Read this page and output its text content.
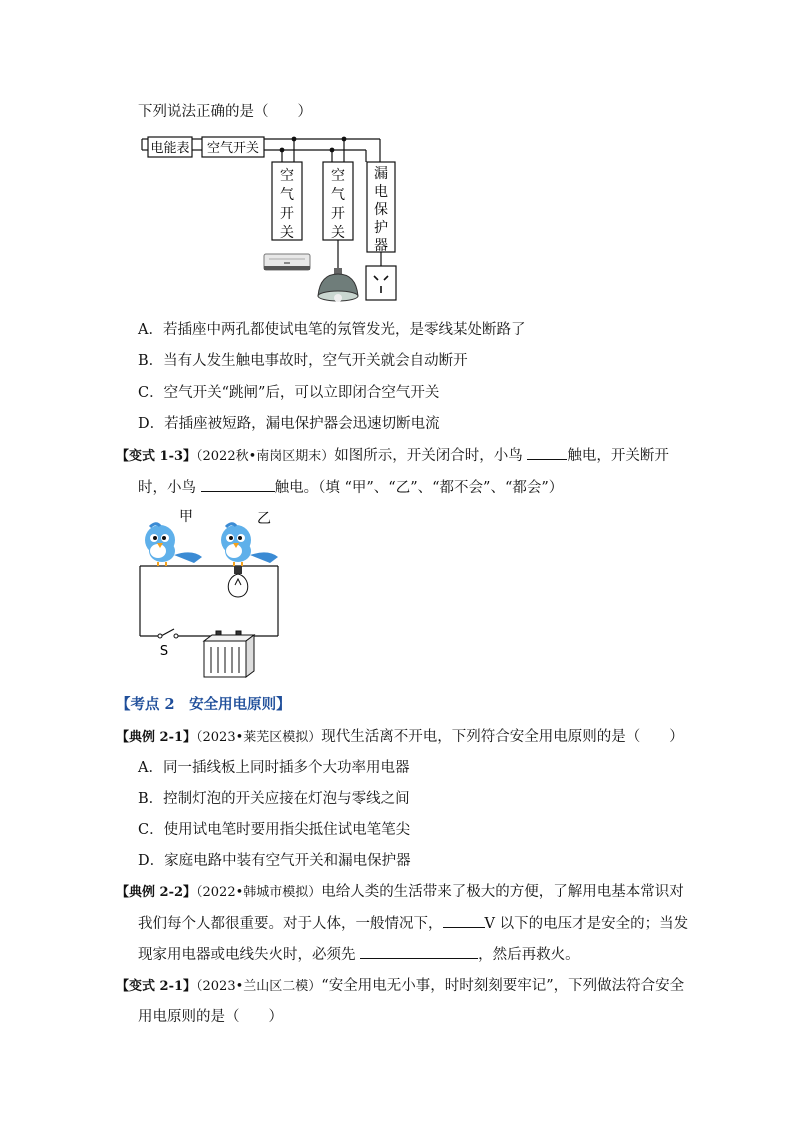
下列说法正确的是（　　）
电能表 空气开关
空气开关
空气开关
漏电保护器
A．若插座中两孔都使试电笔的氖管发光，是零线某处断路了
B．当有人发生触电事故时，空气开关就会自动断开
C．空气开关“跳闸”后，可以立即闭合空气开关
D．若插座被短路，漏电保护器会迅速切断电流
【变式 1-3】（2022秋•南岗区期末）如图所示，开关闭合时，小鸟	触电，开关断开
时，小鸟	触电。（填 “甲”、“乙”、“都不会”、“都会”）
甲	乙
S
【考点 2　安全用电原则】
【典例 2-1】（2023•莱芜区模拟）现代生活离不开电，下列符合安全用电原则的是（　　）
A．同一插线板上同时插多个大功率用电器
B．控制灯泡的开关应接在灯泡与零线之间
C．使用试电笔时要用指尖抵住试电笔笔尖
D．家庭电路中装有空气开关和漏电保护器
【典例 2-2】（2022•韩城市模拟）电给人类的生活带来了极大的方便，了解用电基本常识对
我们每个人都很重要。对于人体，一般情况下，	V 以下的电压才是安全的；当发
现家用电器或电线失火时，必须先	，然后再救火。
【变式 2-1】（2023•兰山区二模）“安全用电无小事，时时刻刻要牢记”，下列做法符合安全
用电原则的是（　　）
